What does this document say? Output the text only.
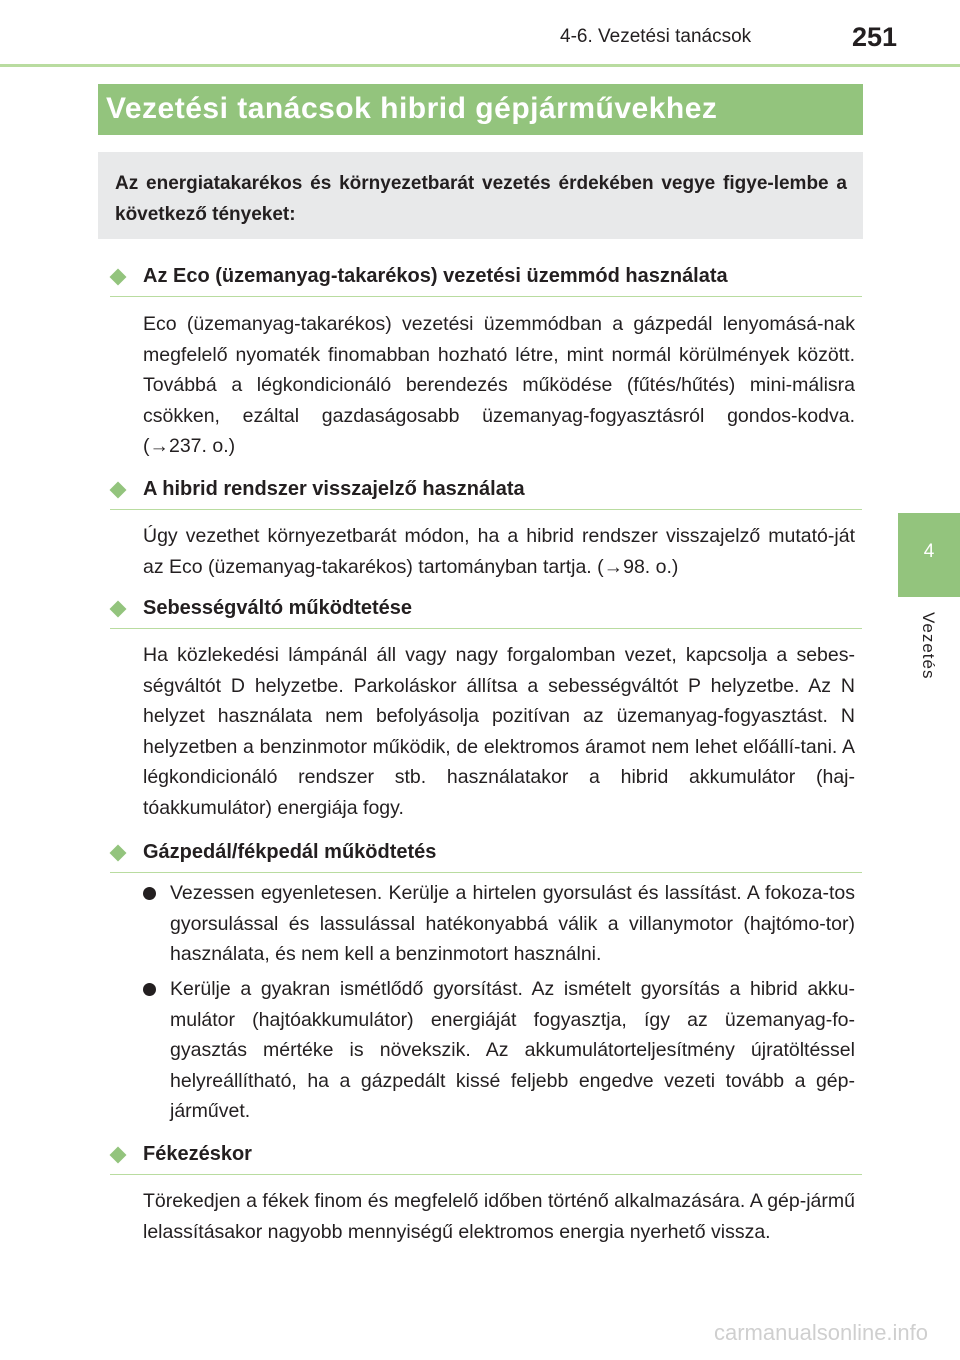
4-6. Vezetési tanácsok	251
4
Vezetés
Vezetési tanácsok hibrid gépjárművekhez

Az energiatakarékos és környezetbarát vezetés érdekében vegye figye-lembe a következő tényeket:

Az Eco (üzemanyag-takarékos) vezetési üzemmód használata

Eco (üzemanyag-takarékos) vezetési üzemmódban a gázpedál lenyomásá-nak megfelelő nyomaték finomabban hozható létre, mint normál körülmények között. Továbbá a légkondicionáló berendezés működése (fűtés/hűtés) mini-málisra csökken, ezáltal gazdaságosabb üzemanyag-fogyasztásról gondos-kodva. (→237. o.)

A hibrid rendszer visszajelző használata

Úgy vezethet környezetbarát módon, ha a hibrid rendszer visszajelző mutató-ját az Eco (üzemanyag-takarékos) tartományban tartja. (→98. o.)

Sebességváltó működtetése

Ha közlekedési lámpánál áll vagy nagy forgalomban vezet, kapcsolja a sebes-ségváltót D helyzetbe. Parkoláskor állítsa a sebességváltót P helyzetbe. Az N helyzet használata nem befolyásolja pozitívan az üzemanyag-fogyasztást. N helyzetben a benzinmotor működik, de elektromos áramot nem lehet előállí-tani. A légkondicionáló rendszer stb. használatakor a hibrid akkumulátor (haj-tóakkumulátor) energiája fogy.

Gázpedál/fékpedál működtetés
Vezessen egyenletesen. Kerülje a hirtelen gyorsulást és lassítást. A fokoza-tos gyorsulással és lassulással hatékonyabbá válik a villanymotor (hajtómo-tor) használata, és nem kell a benzinmotort használni.
Kerülje a gyakran ismétlődő gyorsítást. Az ismételt gyorsítás a hibrid akku-mulátor (hajtóakkumulátor) energiáját fogyasztja, így az üzemanyag-fo-gyasztás mértéke is növekszik. Az akkumulátorteljesítmény újratöltéssel helyreállítható, ha a gázpedált kissé feljebb engedve vezeti tovább a gép-járművet.
Fékezéskor

Törekedjen a fékek finom és megfelelő időben történő alkalmazására. A gép-jármű lelassításakor nagyobb mennyiségű elektromos energia nyerhető vissza.

carmanualsonline.info
